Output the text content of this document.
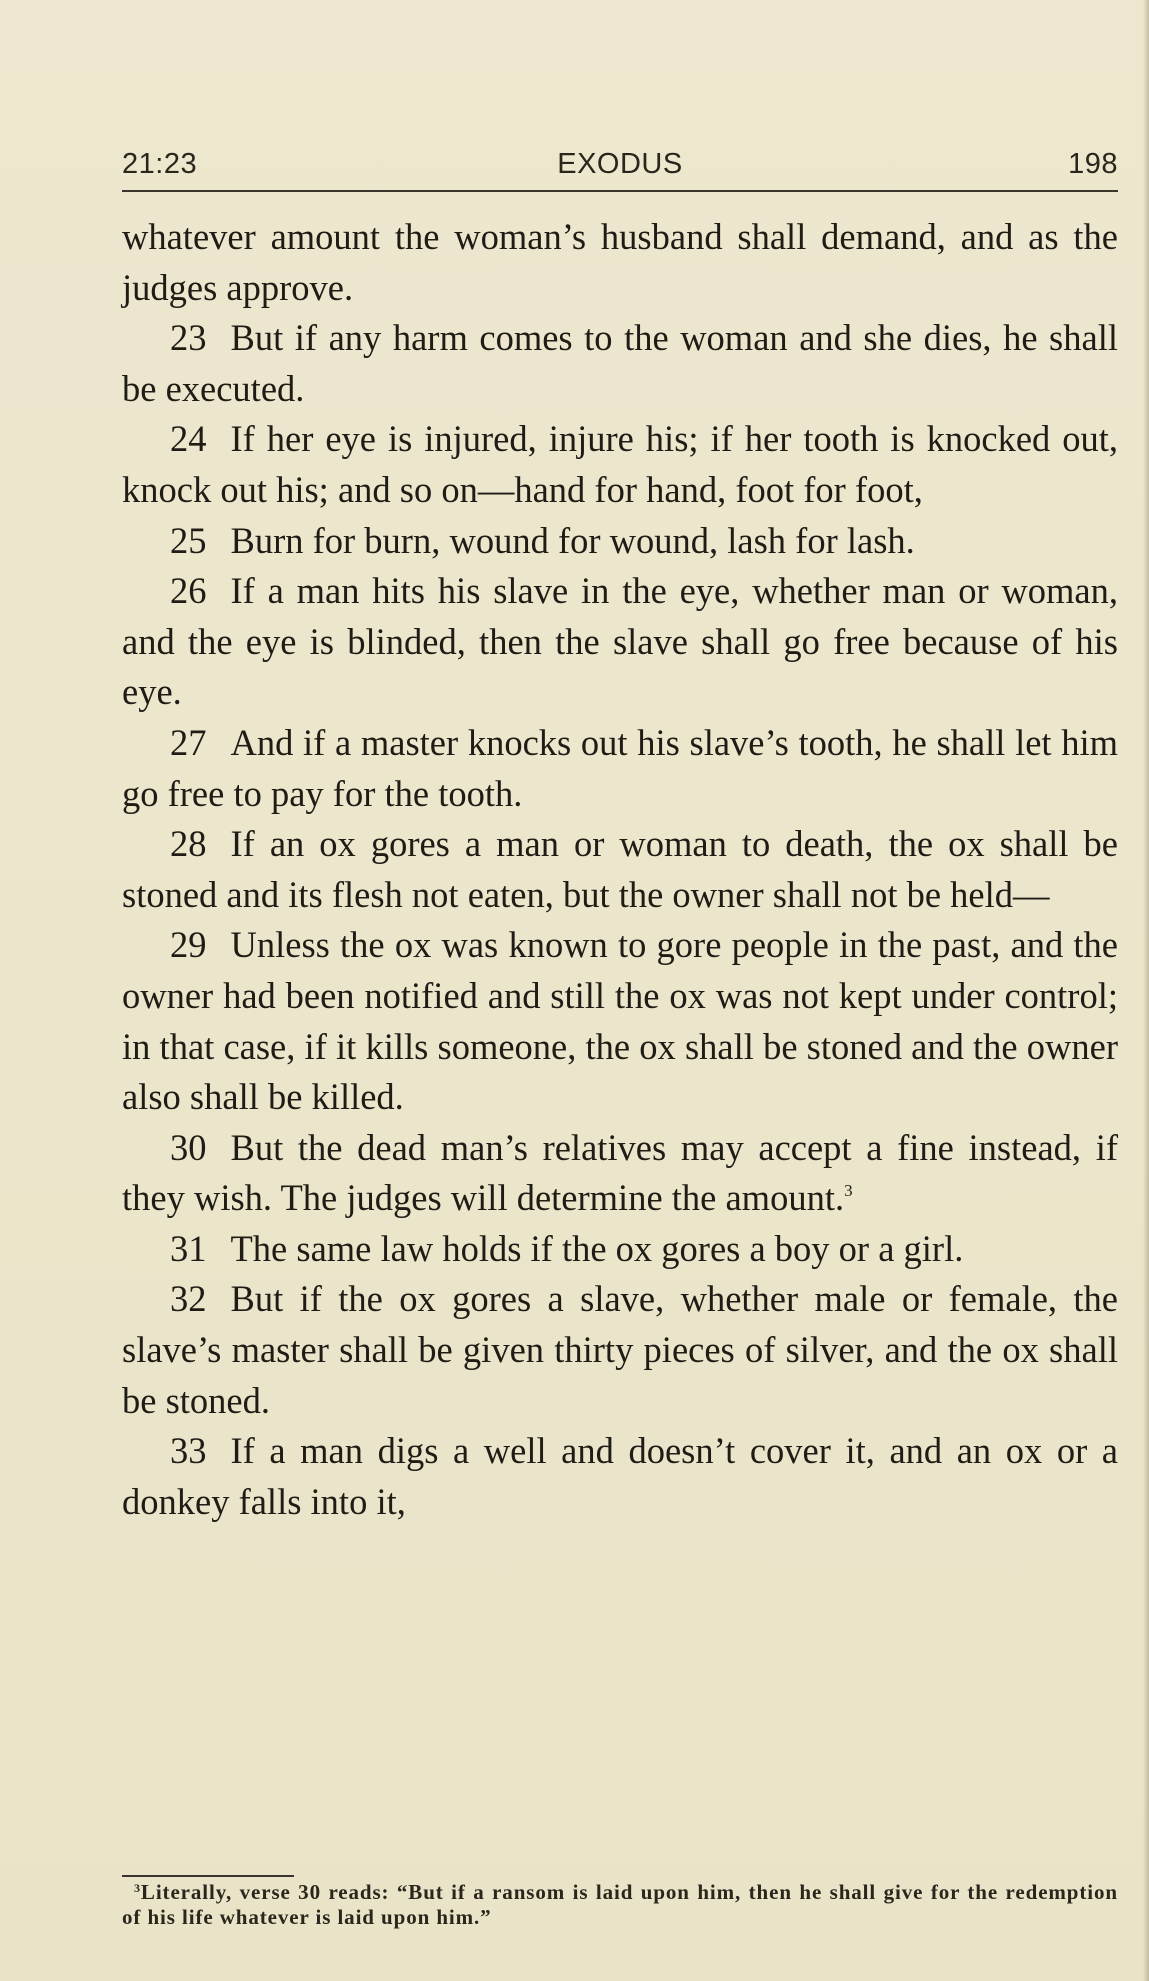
21:23	EXODUS	198

whatever amount the woman’s husband shall demand, and as the judges approve.

23 But if any harm comes to the woman and she dies, he shall be executed.

24 If her eye is injured, injure his; if her tooth is knocked out, knock out his; and so on—hand for hand, foot for foot,

25 Burn for burn, wound for wound, lash for lash.

26 If a man hits his slave in the eye, whether man or woman, and the eye is blinded, then the slave shall go free because of his eye.

27 And if a master knocks out his slave’s tooth, he shall let him go free to pay for the tooth.

28 If an ox gores a man or woman to death, the ox shall be stoned and its flesh not eaten, but the owner shall not be held—

29 Unless the ox was known to gore people in the past, and the owner had been notified and still the ox was not kept under control; in that case, if it kills someone, the ox shall be stoned and the owner also shall be killed.

30 But the dead man’s relatives may accept a fine instead, if they wish. The judges will determine the amount.$^3$

31 The same law holds if the ox gores a boy or a girl.

32 But if the ox gores a slave, whether male or female, the slave’s master shall be given thirty pieces of silver, and the ox shall be stoned.

33 If a man digs a well and doesn’t cover it, and an ox or a donkey falls into it,

$^3$Literally, verse 30 reads: “But if a ransom is laid upon him, then he shall give for the redemption of his life whatever is laid upon him.”
